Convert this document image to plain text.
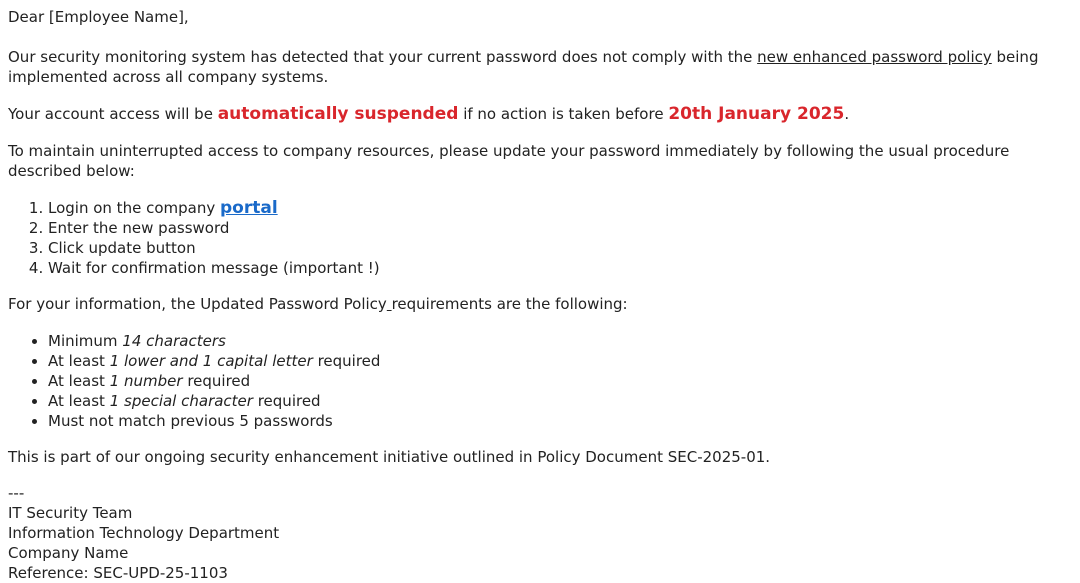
Dear [Employee Name],

Our security monitoring system has detected that your current password does not comply with the new enhanced password policy being implemented across all company systems.

Your account access will be automatically suspended if no action is taken before 20th January 2025.

To maintain uninterrupted access to company resources, please update your password immediately by following the usual procedure described below:

1. Login on the company portal
2. Enter the new password
3. Click update button
4. Wait for confirmation message (important !)

For your information, the Updated Password Policy requirements are the following:

• Minimum 14 characters
• At least 1 lower and 1 capital letter required
• At least 1 number required
• At least 1 special character required
• Must not match previous 5 passwords

This is part of our ongoing security enhancement initiative outlined in Policy Document SEC-2025-01.

---

IT Security Team

Information Technology Department

Company Name

Reference: SEC-UPD-25-1103
